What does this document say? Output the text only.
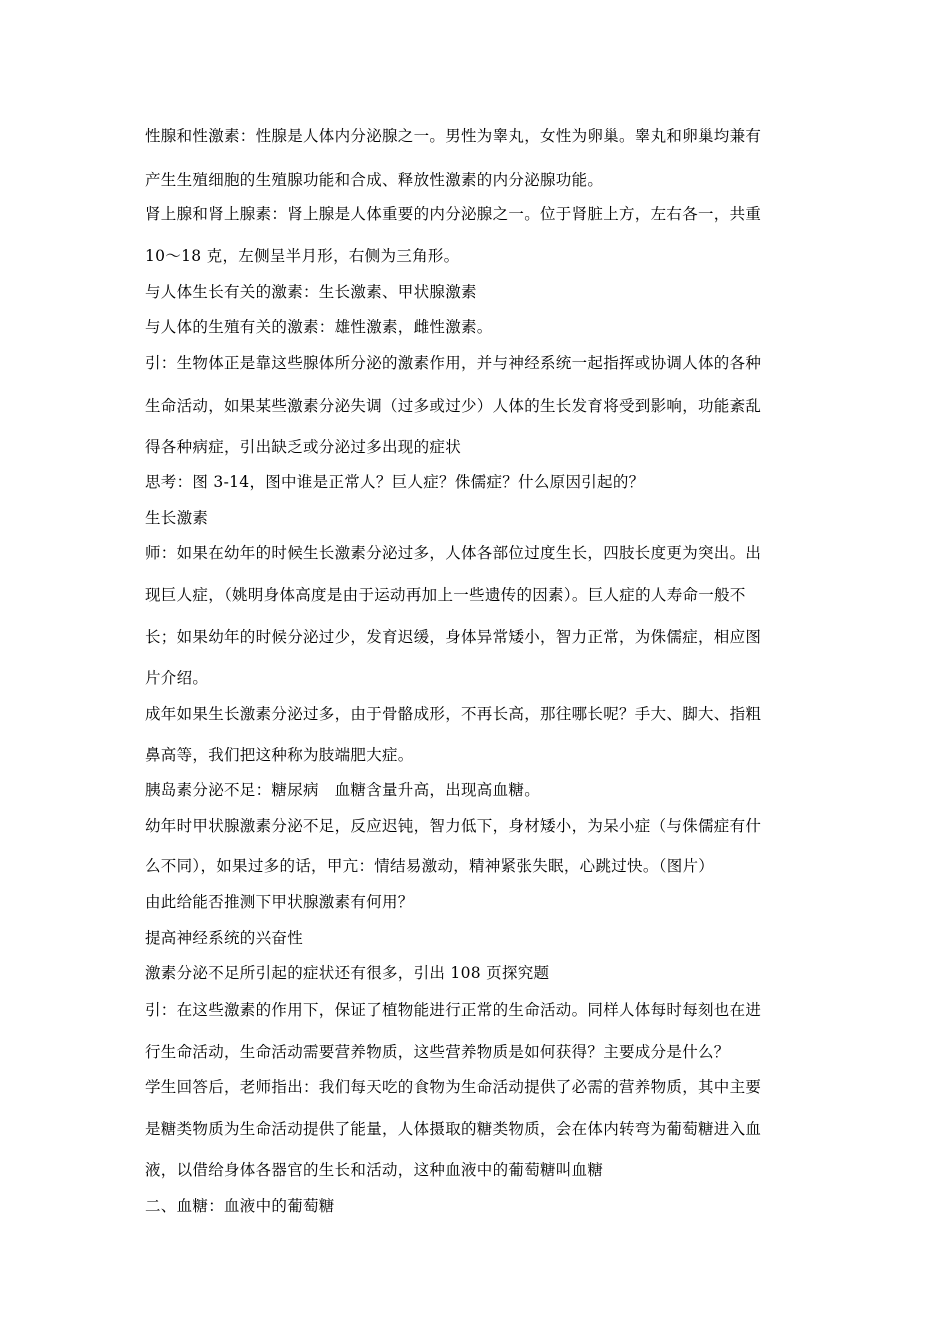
性腺和性激素：性腺是人体内分泌腺之一。男性为睾丸，女性为卵巢。睾丸和卵巢均兼有
产生生殖细胞的生殖腺功能和合成、释放性激素的内分泌腺功能。
肾上腺和肾上腺素：肾上腺是人体重要的内分泌腺之一。位于肾脏上方，左右各一，共重
10～18 克，左侧呈半月形，右侧为三角形。
与人体生长有关的激素：生长激素、甲状腺激素
与人体的生殖有关的激素：雄性激素，雌性激素。
引：生物体正是靠这些腺体所分泌的激素作用，并与神经系统一起指挥或协调人体的各种
生命活动，如果某些激素分泌失调（过多或过少）人体的生长发育将受到影响，功能紊乱
得各种病症，引出缺乏或分泌过多出现的症状
思考：图 3-14，图中谁是正常人？巨人症？侏儒症？什么原因引起的？
生长激素
师：如果在幼年的时候生长激素分泌过多，人体各部位过度生长，四肢长度更为突出。出
现巨人症，（姚明身体高度是由于运动再加上一些遗传的因素）。巨人症的人寿命一般不
长；如果幼年的时候分泌过少，发育迟缓，身体异常矮小，智力正常，为侏儒症，相应图
片介绍。
成年如果生长激素分泌过多，由于骨骼成形，不再长高，那往哪长呢？手大、脚大、指粗
鼻高等，我们把这种称为肢端肥大症。
胰岛素分泌不足：糖尿病　血糖含量升高，出现高血糖。
幼年时甲状腺激素分泌不足，反应迟钝，智力低下，身材矮小，为呆小症（与侏儒症有什
么不同），如果过多的话，甲亢：情结易激动，精神紧张失眠，心跳过快。（图片）
由此给能否推测下甲状腺激素有何用？
提高神经系统的兴奋性
激素分泌不足所引起的症状还有很多，引出 108 页探究题
引：在这些激素的作用下，保证了植物能进行正常的生命活动。同样人体每时每刻也在进
行生命活动，生命活动需要营养物质，这些营养物质是如何获得？主要成分是什么？
学生回答后，老师指出：我们每天吃的食物为生命活动提供了必需的营养物质，其中主要
是糖类物质为生命活动提供了能量，人体摄取的糖类物质，会在体内转弯为葡萄糖进入血
液，以借给身体各器官的生长和活动，这种血液中的葡萄糖叫血糖
二、血糖：血液中的葡萄糖
